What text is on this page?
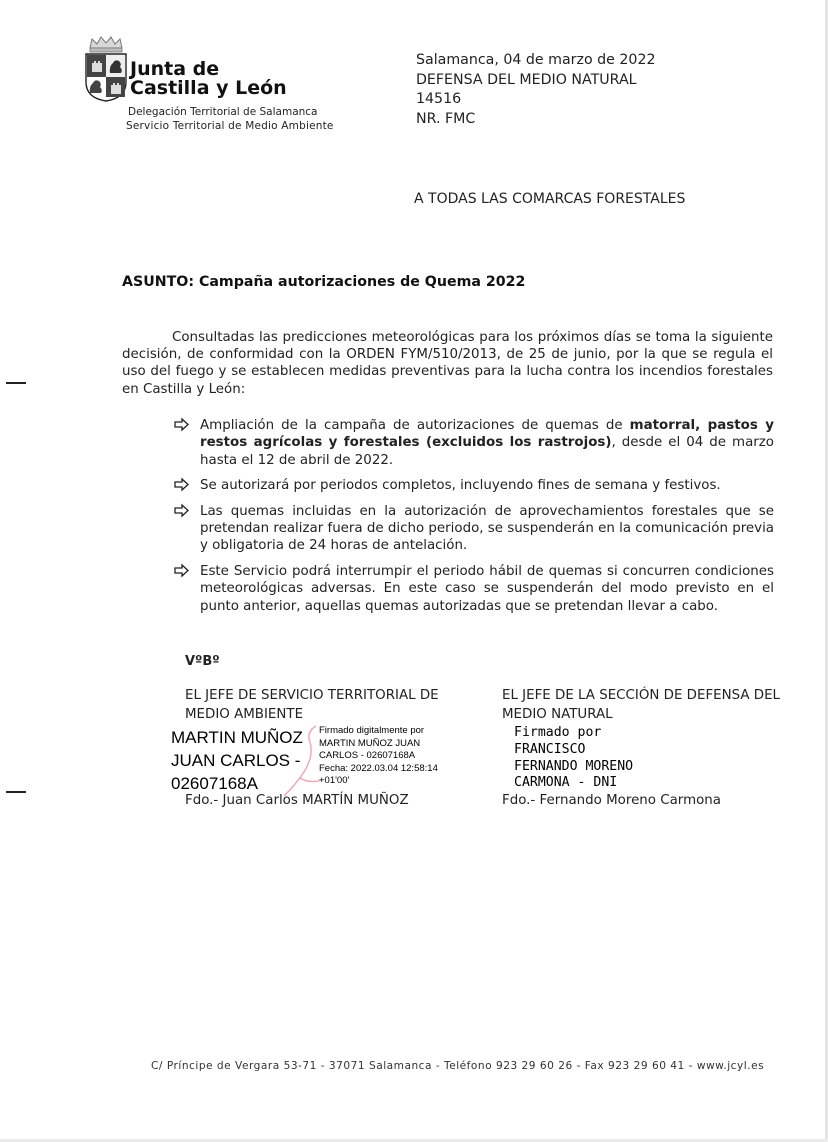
Junta de
Castilla y León
Delegación Territorial de Salamanca
Servicio Territorial de Medio Ambiente
Salamanca, 04 de marzo de 2022
DEFENSA DEL MEDIO NATURAL
14516
NR. FMC
A TODAS LAS COMARCAS FORESTALES
ASUNTO: Campaña autorizaciones de Quema 2022
Consultadas las predicciones meteorológicas para los próximos días se toma la siguiente decisión, de conformidad con la ORDEN FYM/510/2013, de 25 de junio, por la que se regula el uso del fuego y se establecen medidas preventivas para la lucha contra los incendios forestales en Castilla y León:
Ampliación de la campaña de autorizaciones de quemas de matorral, pastos y restos agrícolas y forestales (excluidos los rastrojos), desde el 04 de marzo hasta el 12 de abril de 2022.
Se autorizará por periodos completos, incluyendo fines de semana y festivos.
Las quemas incluidas en la autorización de aprovechamientos forestales que se pretendan realizar fuera de dicho periodo, se suspenderán en la comunicación previa y obligatoria de 24 horas de antelación.
Este Servicio podrá interrumpir el periodo hábil de quemas si concurren condiciones meteorológicas adversas. En este caso se suspenderán del modo previsto en el punto anterior, aquellas quemas autorizadas que se pretendan llevar a cabo.
VºBº
EL JEFE DE SERVICIO TERRITORIAL DE
MEDIO AMBIENTE
MARTIN MUÑOZ
JUAN CARLOS -
02607168A
Firmado digitalmente por
MARTIN MUÑOZ JUAN
CARLOS - 02607168A
Fecha: 2022.03.04 12:58:14
+01'00'
Fdo.- Juan Carlos MARTÍN MUÑOZ
EL JEFE DE LA SECCIÓN DE DEFENSA DEL
MEDIO NATURAL
Firmado por
FRANCISCO
FERNANDO MORENO
CARMONA - DNI
Fdo.- Fernando Moreno Carmona
C/ Príncipe de Vergara 53-71 - 37071 Salamanca - Teléfono 923 29 60 26 - Fax 923 29 60 41 - www.jcyl.es
